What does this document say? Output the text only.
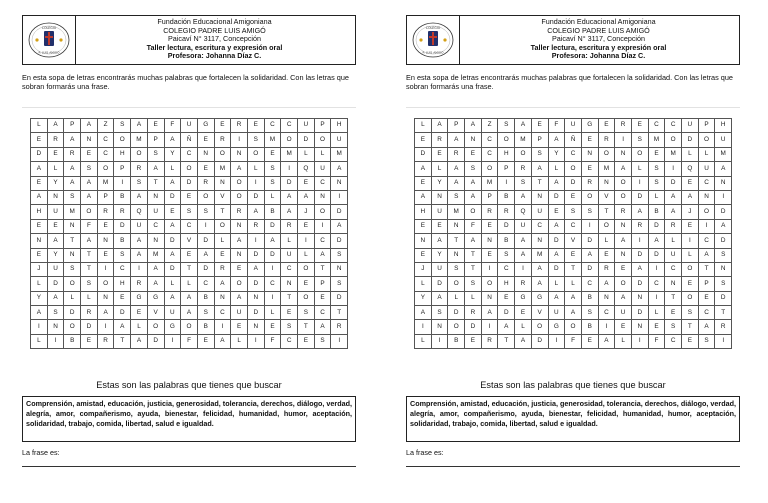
COLEGIO
P. LUIS AMIGÓ
Fundación Educacional Amigoniana
COLEGIO PADRE LUIS AMIGÓ
Paicaví N° 3117, Concepción
Taller lectura, escritura y expresión oral
Profesora: Johanna Díaz C.
En esta sopa de letras encontrarás muchas palabras que fortalecen la solidaridad. Con las letras que sobran formarás una frase.
L	A	P	A	Z	S	A	E	F	U	G	E	R	E	C	C	U	P	H
E	R	A	N	C	O	M	P	A	Ñ	E	R	I	S	M	O	D	O	U
D	E	R	E	C	H	O	S	Y	C	N	O	N	O	E	M	L	L	M
A	L	A	S	O	P	R	A	L	O	E	M	A	L	S	I	Q	U	A
E	Y	A	A	M	I	S	T	A	D	R	N	O	I	S	D	E	C	N
A	N	S	A	P	B	A	N	D	E	O	V	O	D	L	A	A	N	I
H	U	M	O	R	R	Q	U	E	S	S	T	R	A	B	A	J	O	D
E	E	N	F	E	D	U	C	A	C	I	O	N	R	D	R	E	I	A
N	A	T	A	N	B	A	N	D	V	D	L	A	I	A	L	I	C	D
E	Y	N	T	E	S	A	M	A	E	A	E	N	D	D	U	L	A	S
J	U	S	T	I	C	I	A	D	T	D	R	E	A	I	C	O	T	N
L	D	O	S	O	H	R	A	L	L	C	A	O	D	C	N	E	P	S
Y	A	L	L	N	E	G	G	A	A	B	N	A	N	I	T	O	E	D
A	S	D	R	A	D	E	V	U	A	S	C	U	D	L	E	S	C	T
I	N	O	D	I	A	L	O	G	O	B	I	E	N	E	S	T	A	R
L	I	B	E	R	T	A	D	I	F	E	A	L	I	F	C	E	S	I
Estas son las palabras que tienes que buscar
Comprensión, amistad, educación, justicia, generosidad, tolerancia, derechos, diálogo, verdad, alegría, amor, compañerismo, ayuda, bienestar, felicidad, humanidad, humor, aceptación, solidaridad, trabajo, comida, libertad, salud e igualdad.
La frase es:
COLEGIO
P. LUIS AMIGÓ
Fundación Educacional Amigoniana
COLEGIO PADRE LUIS AMIGÓ
Paicaví N° 3117, Concepción
Taller lectura, escritura y expresión oral
Profesora: Johanna Díaz C.
En esta sopa de letras encontrarás muchas palabras que fortalecen la solidaridad. Con las letras que sobran formarás una frase.
L	A	P	A	Z	S	A	E	F	U	G	E	R	E	C	C	U	P	H
E	R	A	N	C	O	M	P	A	Ñ	E	R	I	S	M	O	D	O	U
D	E	R	E	C	H	O	S	Y	C	N	O	N	O	E	M	L	L	M
A	L	A	S	O	P	R	A	L	O	E	M	A	L	S	I	Q	U	A
E	Y	A	A	M	I	S	T	A	D	R	N	O	I	S	D	E	C	N
A	N	S	A	P	B	A	N	D	E	O	V	O	D	L	A	A	N	I
H	U	M	O	R	R	Q	U	E	S	S	T	R	A	B	A	J	O	D
E	E	N	F	E	D	U	C	A	C	I	O	N	R	D	R	E	I	A
N	A	T	A	N	B	A	N	D	V	D	L	A	I	A	L	I	C	D
E	Y	N	T	E	S	A	M	A	E	A	E	N	D	D	U	L	A	S
J	U	S	T	I	C	I	A	D	T	D	R	E	A	I	C	O	T	N
L	D	O	S	O	H	R	A	L	L	C	A	O	D	C	N	E	P	S
Y	A	L	L	N	E	G	G	A	A	B	N	A	N	I	T	O	E	D
A	S	D	R	A	D	E	V	U	A	S	C	U	D	L	E	S	C	T
I	N	O	D	I	A	L	O	G	O	B	I	E	N	E	S	T	A	R
L	I	B	E	R	T	A	D	I	F	E	A	L	I	F	C	E	S	I
Estas son las palabras que tienes que buscar
Comprensión, amistad, educación, justicia, generosidad, tolerancia, derechos, diálogo, verdad, alegría, amor, compañerismo, ayuda, bienestar, felicidad, humanidad, humor, aceptación, solidaridad, trabajo, comida, libertad, salud e igualdad.
La frase es:
